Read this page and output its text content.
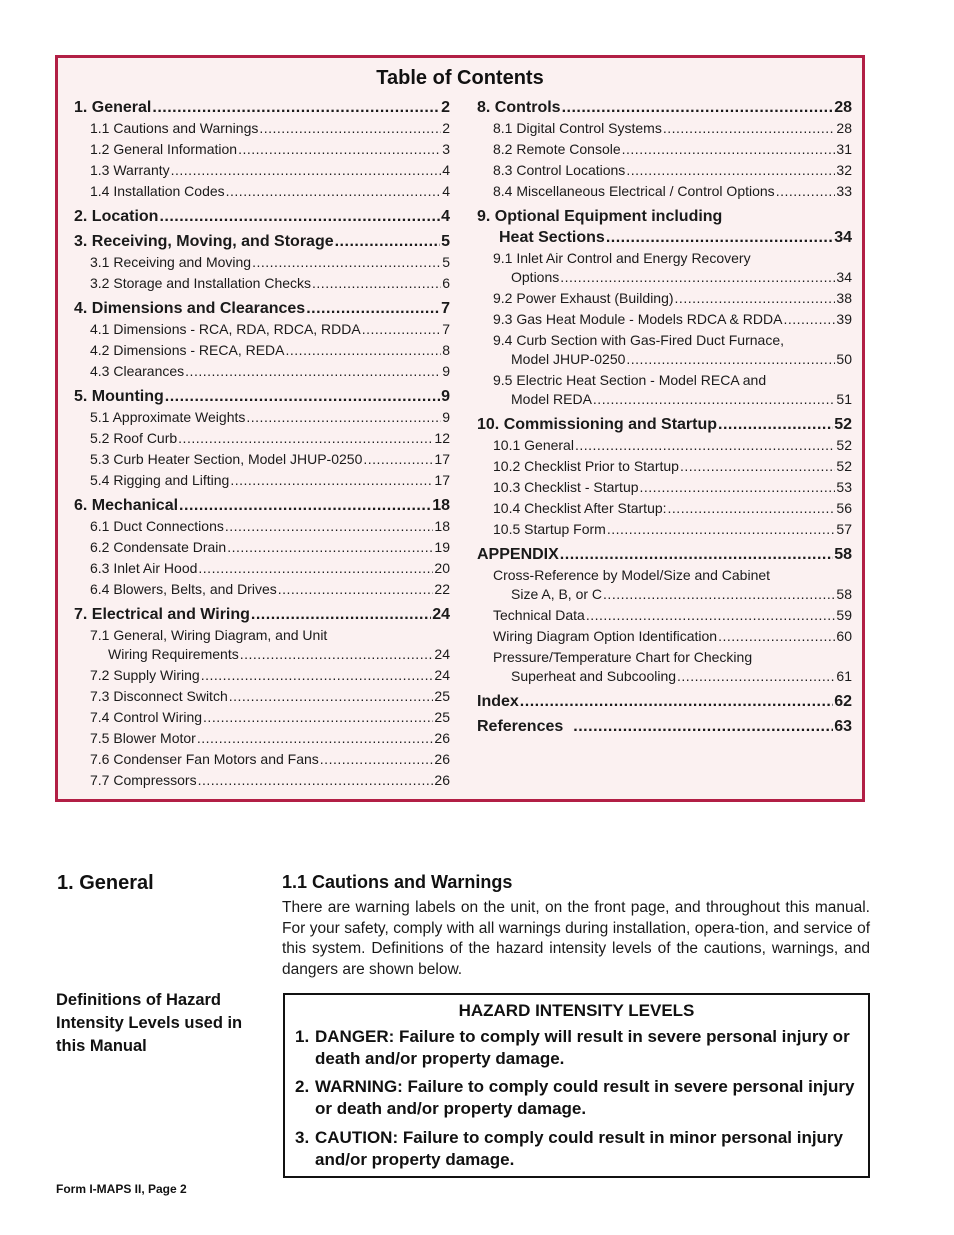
Table of Contents
1. General .....	2
1.1 Cautions and Warnings .....	2
1.2 General Information .....	3
1.3 Warranty .....	4
1.4 Installation Codes .....	4
2. Location .....	4
3. Receiving, Moving, and Storage .....	5
3.1 Receiving and Moving .....	5
3.2 Storage and Installation Checks .....	6
4. Dimensions and Clearances .....	7
4.1 Dimensions - RCA, RDA, RDCA, RDDA .....	7
4.2 Dimensions - RECA, REDA .....	8
4.3 Clearances .....	9
5. Mounting .....	9
5.1 Approximate Weights .....	9
5.2 Roof Curb .....	12
5.3 Curb Heater Section, Model JHUP-0250 .....	17
5.4 Rigging and Lifting .....	17
6. Mechanical .....	18
6.1 Duct Connections .....	18
6.2 Condensate Drain .....	19
6.3 Inlet Air Hood .....	20
6.4 Blowers, Belts, and Drives .....	22
7. Electrical and Wiring .....	24
7.1 General, Wiring Diagram, and Unit
Wiring Requirements .....	24
7.2 Supply Wiring .....	24
7.3 Disconnect Switch .....	25
7.4 Control Wiring .....	25
7.5 Blower Motor .....	26
7.6 Condenser Fan Motors and Fans .....	26
7.7 Compressors .....	26
8. Controls .....	28
8.1 Digital Control Systems .....	28
8.2 Remote Console .....	31
8.3 Control Locations .....	32
8.4 Miscellaneous Electrical / Control Options .....	33
9. Optional Equipment including
Heat Sections .....	34
9.1 Inlet Air Control and Energy Recovery
Options .....	34
9.2 Power Exhaust (Building) .....	38
9.3 Gas Heat Module - Models RDCA & RDDA .....	39
9.4 Curb Section with Gas-Fired Duct Furnace,
Model JHUP-0250 .....	50
9.5 Electric Heat Section - Model RECA and
Model REDA .....	51
10. Commissioning and Startup .....	52
10.1 General .....	52
10.2 Checklist Prior to Startup .....	52
10.3 Checklist - Startup .....	53
10.4 Checklist After Startup: .....	56
10.5 Startup Form .....	57
APPENDIX .....	58
Cross-Reference by Model/Size and Cabinet
Size A, B, or C .....	58
Technical Data .....	59
Wiring Diagram Option Identification .....	60
Pressure/Temperature Chart for Checking
Superheat and Subcooling .....	61
Index .....	62
References .....	63
1. General	1.1 Cautions and Warnings
There are warning labels on the unit, on the front page, and throughout this manual. For your safety, comply with all warnings during installation, opera-tion, and service of this system. Definitions of the hazard intensity levels of the cautions, warnings, and dangers are shown below.
Definitions of Hazard Intensity Levels used in this Manual
HAZARD INTENSITY LEVELS
1. DANGER: Failure to comply will result in severe personal injury or death and/or property damage.
2. WARNING: Failure to comply could result in severe personal injury or death and/or property damage.
3. CAUTION: Failure to comply could result in minor personal injury and/or property damage.
Form I-MAPS II, Page 2
